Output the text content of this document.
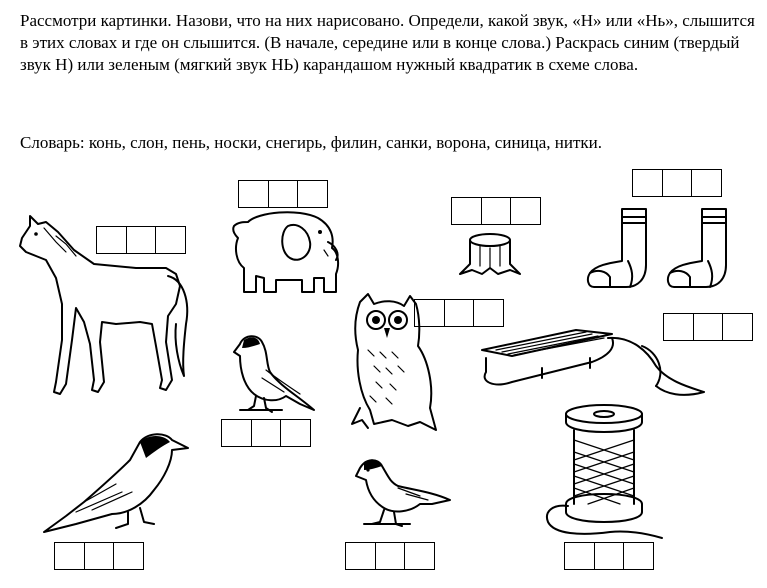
Рассмотри картинки. Назови, что на них нарисовано. Определи, какой звук, «Н» или «Нь», слышится в этих словах и где он слышится. (В начале, середине или в конце слова.) Раскрась синим (твердый звук Н) или зеленым (мягкий звук НЬ) карандашом нужный квадратик в схеме слова.

Словарь: конь, слон, пень, носки, снегирь, филин, санки, ворона, синица, нитки.
